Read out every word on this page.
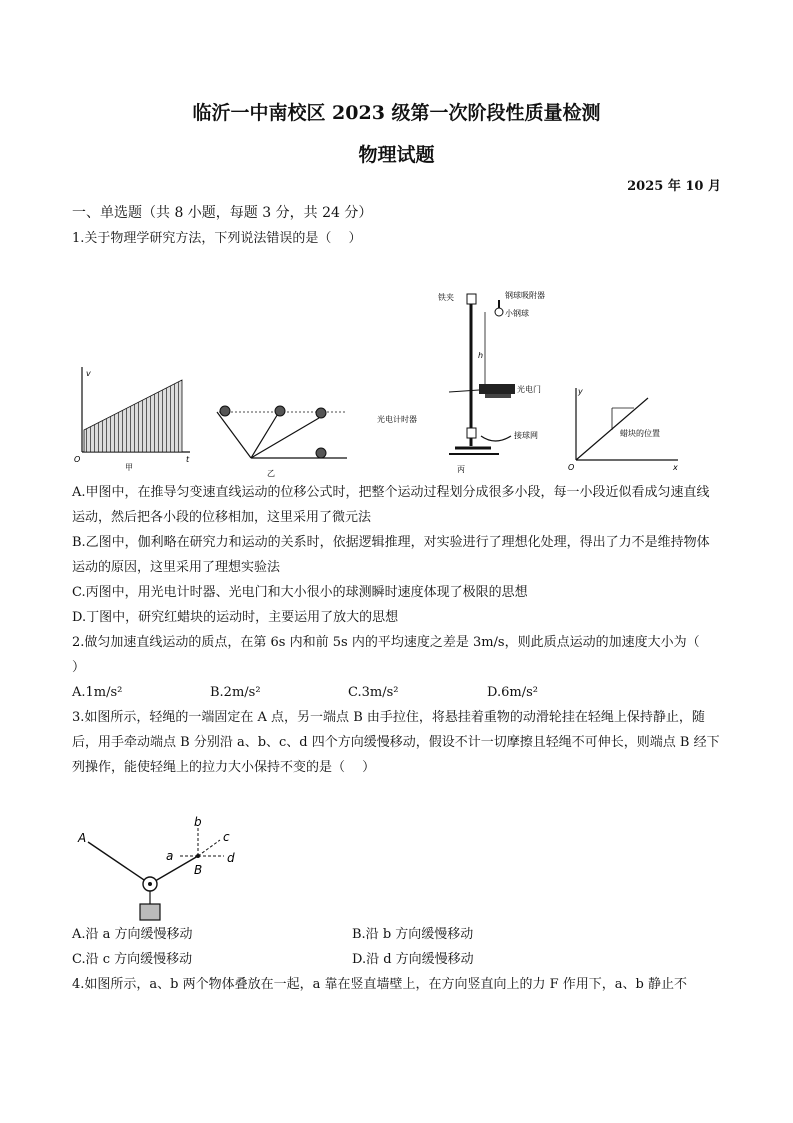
临沂一中南校区 2023 级第一次阶段性质量检测
物理试题
2025 年 10 月
一、单选题（共 8 小题，每题 3 分，共 24 分）
1.关于物理学研究方法，下列说法错误的是（　 ）
v
t
O
甲
乙
铁夹	钢球吸附器
小钢球
h
光电门
光电计时器
接球网
丙
y
x
O
蜡块的位置
A.甲图中，在推导匀变速直线运动的位移公式时，把整个运动过程划分成很多小段，每一小段近似看成匀速直线运动，然后把各小段的位移相加，这里采用了微元法
B.乙图中，伽利略在研究力和运动的关系时，依据逻辑推理，对实验进行了理想化处理，得出了力不是维持物体运动的原因，这里采用了理想实验法
C.丙图中，用光电计时器、光电门和大小很小的球测瞬时速度体现了极限的思想
D.丁图中，研究红蜡块的运动时，主要运用了放大的思想
2.做匀加速直线运动的质点，在第 6s 内和前 5s 内的平均速度之差是 3m/s，则此质点运动的加速度大小为（　 ）
A.1m/s²	B.2m/s²	C.3m/s²	D.6m/s²
3.如图所示，轻绳的一端固定在 A 点，另一端点 B 由手拉住，将悬挂着重物的动滑轮挂在轻绳上保持静止，随后，用手牵动端点 B 分别沿 a、b、c、d 四个方向缓慢移动，假设不计一切摩擦且轻绳不可伸长，则端点 B 经下列操作，能使轻绳上的拉力大小保持不变的是（　 ）
A
B
a
b
c
d
A.沿 a 方向缓慢移动	B.沿 b 方向缓慢移动
C.沿 c 方向缓慢移动	D.沿 d 方向缓慢移动
4.如图所示，a、b 两个物体叠放在一起，a 靠在竖直墙壁上，在方向竖直向上的力 F 作用下，a、b 静止不
